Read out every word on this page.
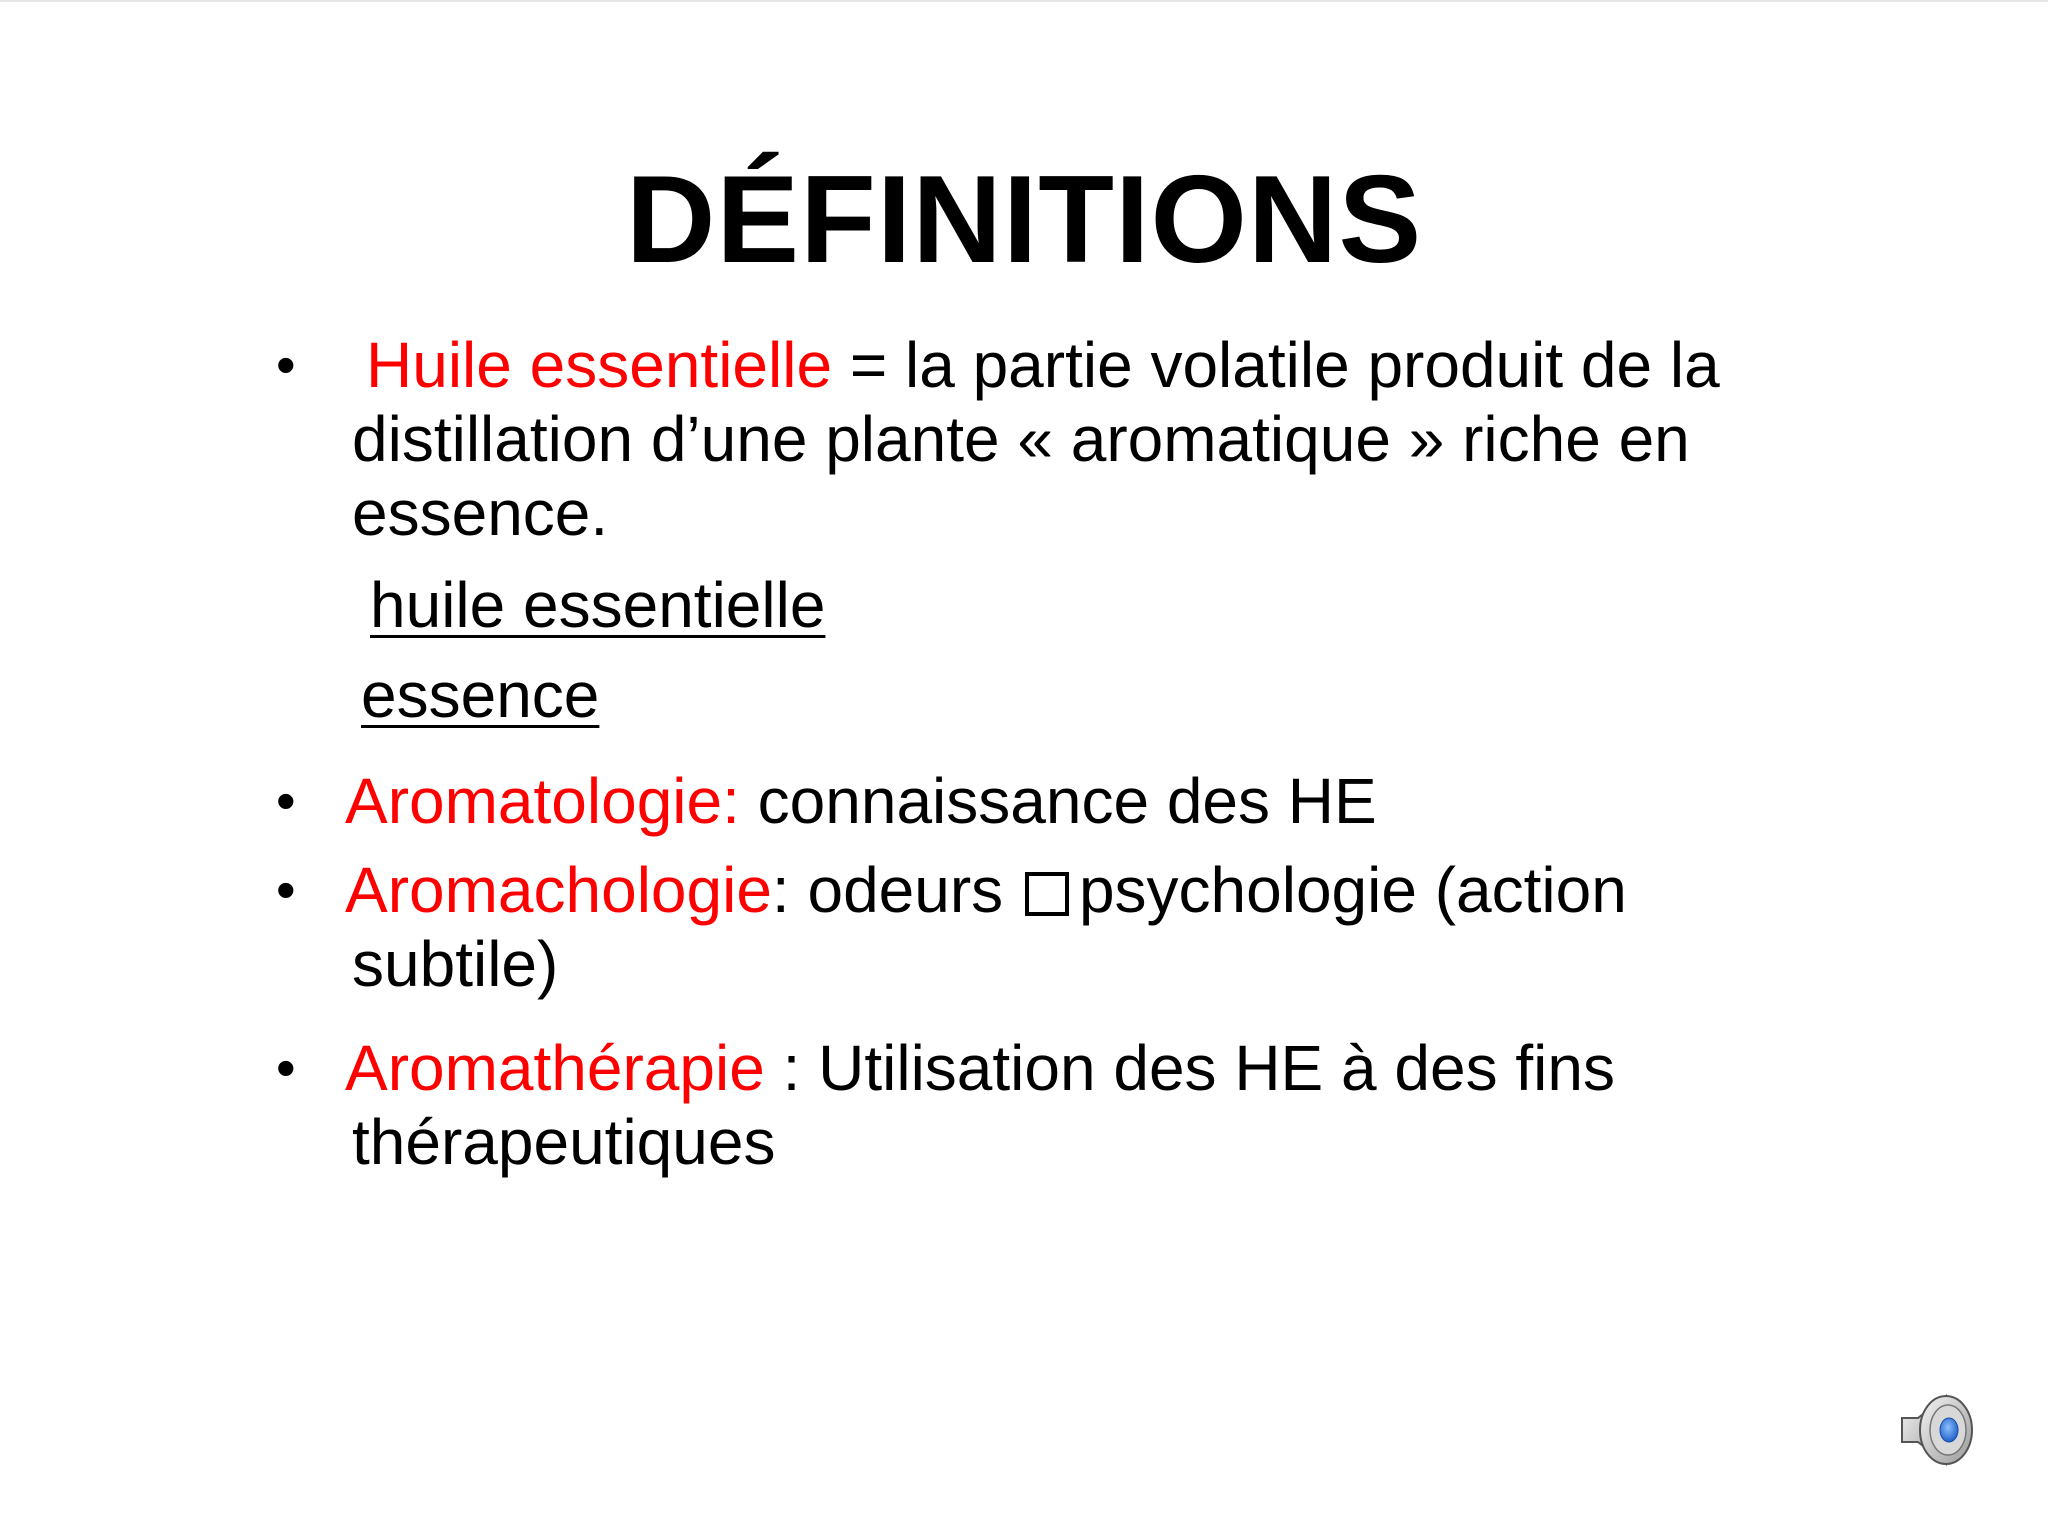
DÉFINITIONS
• Huile essentielle = la partie volatile produit de la
distillation d’une plante « aromatique » riche en
essence.
huile essentielle
essence
• Aromatologie: connaissance des HE
• Aromachologie: odeurs psychologie (action
subtile)
• Aromathérapie : Utilisation des HE à des fins
thérapeutiques
